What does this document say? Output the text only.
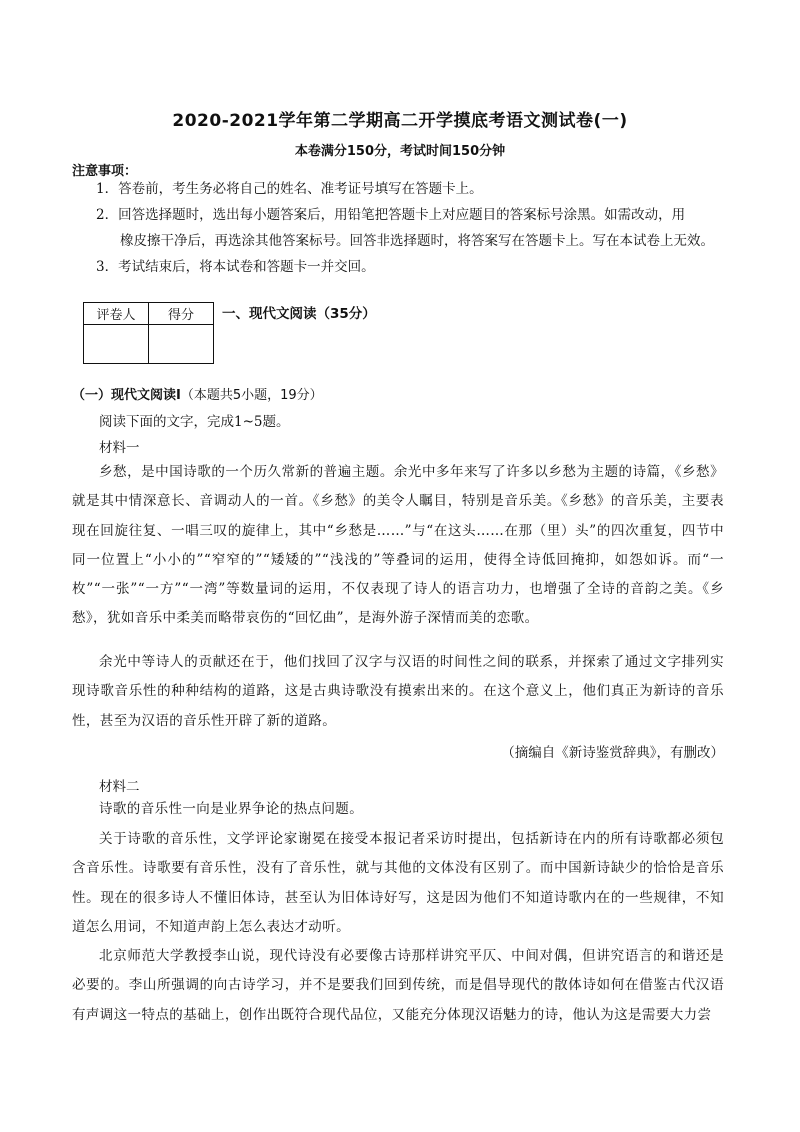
2020-2021学年第二学期高二开学摸底考语文测试卷(一)
本卷满分150分，考试时间150分钟
注意事项：
1．答卷前，考生务必将自己的姓名、准考证号填写在答题卡上。
2．回答选择题时，选出每小题答案后，用铅笔把答题卡上对应题目的答案标号涂黑。如需改动，用
橡皮擦干净后，再选涂其他答案标号。回答非选择题时，将答案写在答题卡上。写在本试卷上无效。
3．考试结束后，将本试卷和答题卡一并交回。
评卷人	得分
	一、现代文阅读（35分）
（一）现代文阅读Ⅰ（本题共5小题，19分）
阅读下面的文字，完成1~5题。
材料一

乡愁，是中国诗歌的一个历久常新的普遍主题。余光中多年来写了许多以乡愁为主题的诗篇，《乡愁》就是其中情深意长、音调动人的一首。《乡愁》的美令人瞩目，特别是音乐美。《乡愁》的音乐美，主要表现在回旋往复、一唱三叹的旋律上，其中“乡愁是……”与“在这头……在那（里）头”的四次重复，四节中同一位置上“小小的”“窄窄的”“矮矮的”“浅浅的”等叠词的运用，使得全诗低回掩抑，如怨如诉。而“一枚”“一张”“一方”“一湾”等数量词的运用，不仅表现了诗人的语言功力，也增强了全诗的音韵之美。《乡愁》，犹如音乐中柔美而略带哀伤的“回忆曲”，是海外游子深情而美的恋歌。

余光中等诗人的贡献还在于，他们找回了汉字与汉语的时间性之间的联系，并探索了通过文字排列实现诗歌音乐性的种种结构的道路，这是古典诗歌没有摸索出来的。在这个意义上，他们真正为新诗的音乐性，甚至为汉语的音乐性开辟了新的道路。

（摘编自《新诗鉴赏辞典》，有删改）
材料二

诗歌的音乐性一向是业界争论的热点问题。

关于诗歌的音乐性，文学评论家谢冕在接受本报记者采访时提出，包括新诗在内的所有诗歌都必须包含音乐性。诗歌要有音乐性，没有了音乐性，就与其他的文体没有区别了。而中国新诗缺少的恰恰是音乐性。现在的很多诗人不懂旧体诗，甚至认为旧体诗好写，这是因为他们不知道诗歌内在的一些规律，不知道怎么用词，不知道声韵上怎么表达才动听。

北京师范大学教授李山说，现代诗没有必要像古诗那样讲究平仄、中间对偶，但讲究语言的和谐还是必要的。李山所强调的向古诗学习，并不是要我们回到传统，而是倡导现代的散体诗如何在借鉴古代汉语有声调这一特点的基础上，创作出既符合现代品位，又能充分体现汉语魅力的诗，他认为这是需要大力尝
